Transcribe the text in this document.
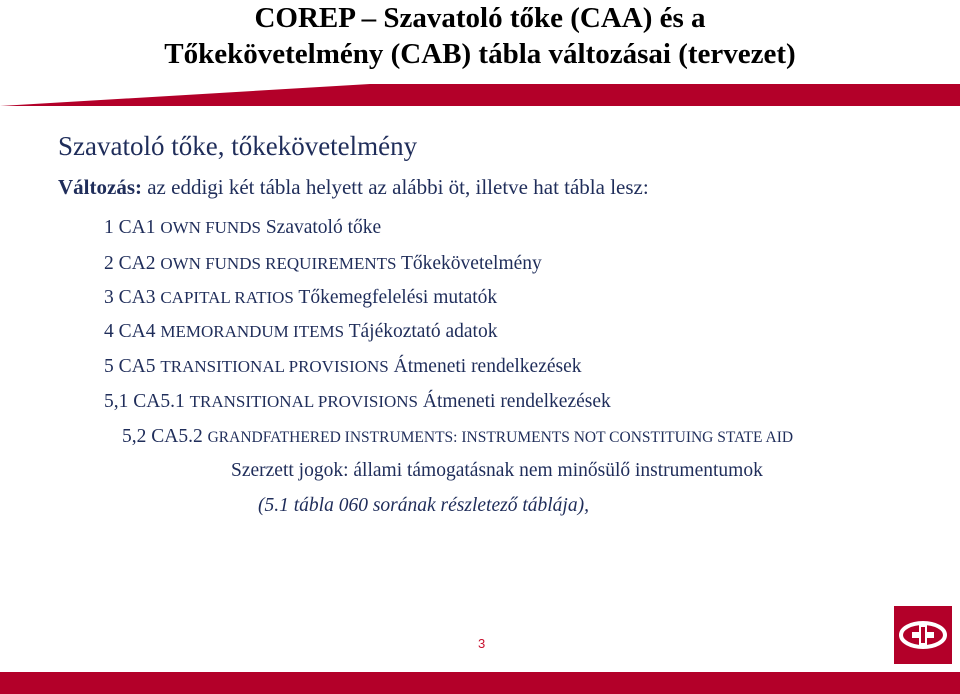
COREP – Szavatoló tőke (CAA) és a
Tőkekövetelmény (CAB) tábla változásai (tervezet)
Szavatoló tőke, tőkekövetelmény
Változás: az eddigi két tábla helyett az alábbi öt, illetve hat tábla lesz:
1 CA1 OWN FUNDS Szavatoló tőke
2 CA2 OWN FUNDS REQUIREMENTS Tőkekövetelmény
3 CA3 CAPITAL RATIOS Tőkemegfelelési mutatók
4 CA4 MEMORANDUM ITEMS Tájékoztató adatok
5 CA5 TRANSITIONAL PROVISIONS Átmeneti rendelkezések
5,1 CA5.1 TRANSITIONAL PROVISIONS Átmeneti rendelkezések
5,2 CA5.2 GRANDFATHERED INSTRUMENTS: INSTRUMENTS NOT CONSTITUING STATE AID
Szerzett jogok: állami támogatásnak nem minősülő instrumentumok
(5.1 tábla 060 sorának részletező táblája),
3
